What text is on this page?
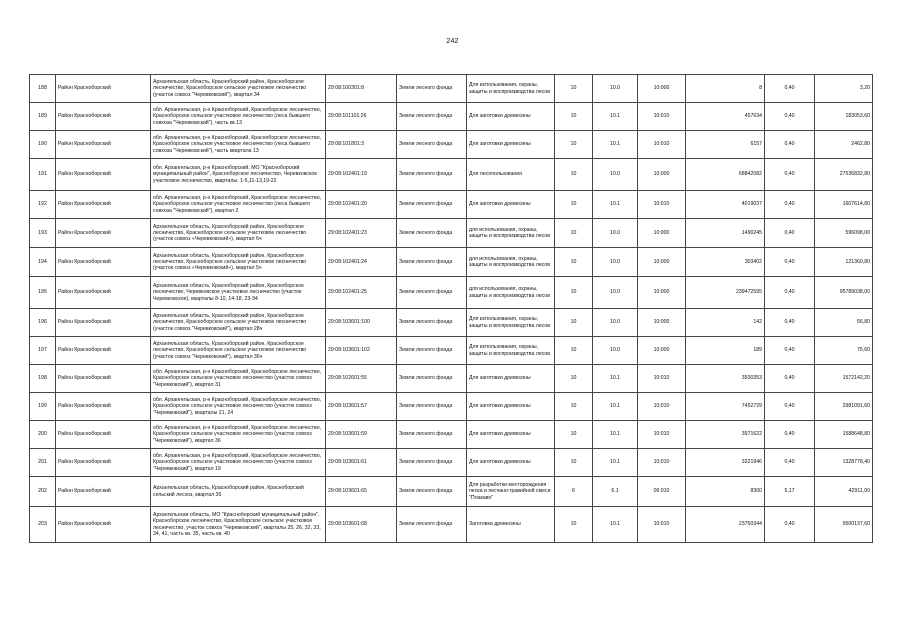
242
188	Район Красноборский	Архангельская область, Красноборский район, Красноборское лесничество, Красноборское сельское участковое лесничество (участок совхоз "Черевковский"), квартал 34	29:08:100301:8	Земли лесного фонда	Для использования, охраны, защиты и воспроизводства лесов	10	10.0	10:000	8	0,40	3,20
189	Район Красноборский	обл. Архангельская, р-н Красноборский, Красноборское лесничество, Красноборское сельское участковое лесничество (леса бывшего совхоза "Черевковский"), часть кв.13	29:08:101101:26	Земли лесного фонда	Для заготовки древесины	10	10.1	10:010	457634	0,40	183053,60
190	Район Красноборский	обл. Архангельская, р-н Красноборский, Красноборское лесничество, Красноборское сельское участковое лесничество (леса бывшего совхоза "Черевковский"), часть квартала 13	29:08:101801:3	Земли лесного фонда	Для заготовки древесины	10	10.1	10:010	6157	0,40	2462,80
191	Район Красноборский	обл. Архангельская, р-н Красноборский, МО "Красноборский муниципальный район", Красноборское лесничество, Черевковское участковое лесничество, кварталы: 1-5,11-13,19-22	29:08:102401:19	Земли лесного фонда	Для лесопользования	10	10.0	10:000	68842082	0,40	27536832,80
192	Район Красноборский	обл. Архангельская, р-н Красноборский, Красноборское лесничество, Красноборское сельское участковое лесничество (леса бывшего совхоза "Черевковский"), квартал 2	29:08:102401:20	Земли лесного фонда	Для заготовки древесины	10	10.1	10:010	4019037	0,40	1607614,80
193	Район Красноборский	Архангельская область, Красноборский район, Красноборское лесничество, Красноборское сельское участковое лесничество (участок совхоз «Черевковский»), квартал 6ч	29:08:102401:23	Земли лесного фонда	для использования, охраны, защиты и воспроизводства лесов	10	10.0	10:000	1490245	0,40	596098,00
194	Район Красноборский	Архангельская область, Красноборский район, Красноборское лесничество, Красноборское сельское участковое лесничество (участок совхоз «Черевковский»), квартал 5ч	29:08:102401:24	Земли лесного фонда	для использования, охраны, защиты и воспроизводства лесов	10	10.0	10:000	303402	0,40	121360,80
195	Район Красноборский	Архангельская область, Красноборский район, Красноборское лесничество, Черевковское участковое лесничество (участок Черевковское), кварталы 8-10, 14-18, 23-34	29:08:102401:25	Земли лесного фонда	для использования, охраны, защиты и воспроизводства лесов	10	10.0	10:000	239472595	0,40	95789038,00
196	Район Красноборский	Архангельская область, Красноборский район, Красноборское лесничество, Красноборское сельское участковое лесничество (участок совхоз "Черевковский"), квартал 28ч	29:08:103601:100	Земли лесного фонда	Для использования, охраны, защиты и воспроизводства лесов	10	10.0	10:000	142	0,40	56,80
197	Район Красноборский	Архангельская область, Красноборский район, Красноборское лесничество, Красноборское сельское участковое лесничество (участок совхоз "Черевковский"), квартал 36ч	29:08:103601:102	Земли лесного фонда	Для использования, охраны, защиты и воспроизводства лесов	10	10.0	10:000	189	0,40	75,60
198	Район Красноборский	обл. Архангельская, р-н Красноборский, Красноборское лесничество, Красноборское сельское участковое лесничество (участок совхоз "Черевковский"), квартал 31	29:08:102601:55	Земли лесного фонда	Для заготовки древесины	10	10.1	10:010	3930353	0,40	1572142,20
199	Район Красноборский	обл. Архангельская, р-н Красноборский, Красноборское лесничество, Красноборское сельское участковое лесничество (участок совхоз "Черевковский"), кварталы 21, 24	29:08:103601:57	Земли лесного фонда	Для заготовки древесины	10	10.1	10:010	7452729	0,40	2981091,60
200	Район Красноборский	обл. Архангельская, р-н Красноборский, Красноборское лесничество, Красноборское сельское участковое лесничество (участок совхоз "Черевковский"), квартал 36	29:08:103601:59	Земли лесного фонда	Для заготовки древесины	10	10.1	10:010	3971622	0,40	1588648,80
201	Район Красноборский	обл. Архангельская, р-н Красноборский, Красноборское лесничество, Красноборское сельское участковое лесничество (участок совхоз "Черевковский"), квартал 19	29:08:103601:61	Земли лесного фонда	Для заготовки древесины	10	10.1	10:010	3321946	0,40	1328778,40
202	Район Красноборский	Архангельская область, Красноборский район, Красноборский сельский лесхоз, квартал 36	29:08:103601:65	Земли лесного фонда	Для разработки месторождения песка и песчано-гравийной смеси "Плакаво"	6	6.1	06:010	8300	5,17	42911,00
203	Район Красноборский	Архангельская область, МО "Красноборский муниципальный район", Красноборское лесничество, Красноборское сельское участковое лесничество, участок совхоз "Черевковский", кварталы 25, 26, 32, 33, 34, 41, часть кв. 35, часть кв. 40	29:08:103601:68	Земли лесного фонда	Заготовка древесины	10	10.1	10:010	23750344	0,40	9500137,60
